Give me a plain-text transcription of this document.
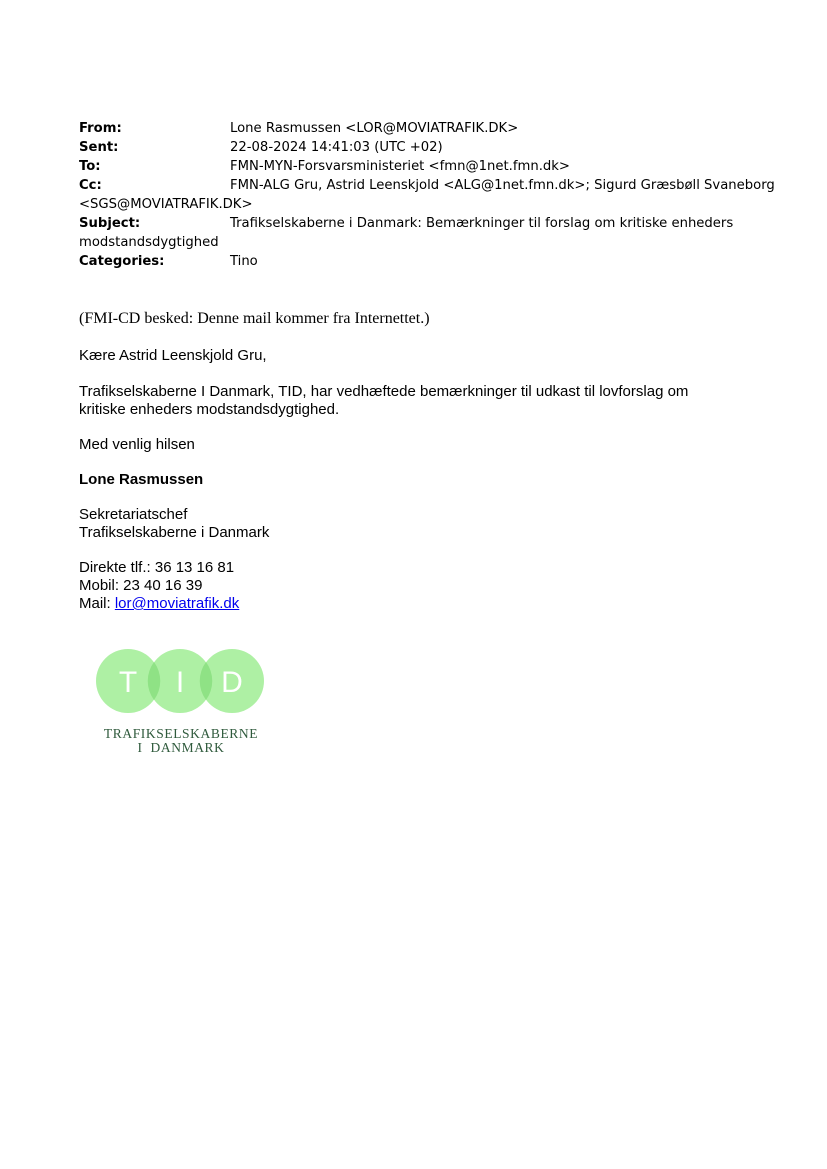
From:	Lone Rasmussen <LOR@MOVIATRAFIK.DK>
Sent:	22-08-2024 14:41:03 (UTC +02)
To:	FMN-MYN-Forsvarsministeriet <fmn@1net.fmn.dk>
Cc:	FMN-ALG Gru, Astrid Leenskjold <ALG@1net.fmn.dk>; Sigurd Græsbøll Svaneborg
<SGS@MOVIATRAFIK.DK>
Subject:	Trafikselskaberne i Danmark: Bemærkninger til forslag om kritiske enheders
modstandsdygtighed
Categories:	Tino
(FMI-CD besked: Denne mail kommer fra Internettet.)
Kære Astrid Leenskjold Gru,
Trafikselskaberne I Danmark, TID, har vedhæftede bemærkninger til udkast til lovforslag om
kritiske enheders modstandsdygtighed.
Med venlig hilsen
Lone Rasmussen
Sekretariatschef
Trafikselskaberne i Danmark
Direkte tlf.: 36 13 16 81
Mobil: 23 40 16 39
Mail: lor@moviatrafik.dk
T I D
TRAFIKSELSKABERNE
I  DANMARK
